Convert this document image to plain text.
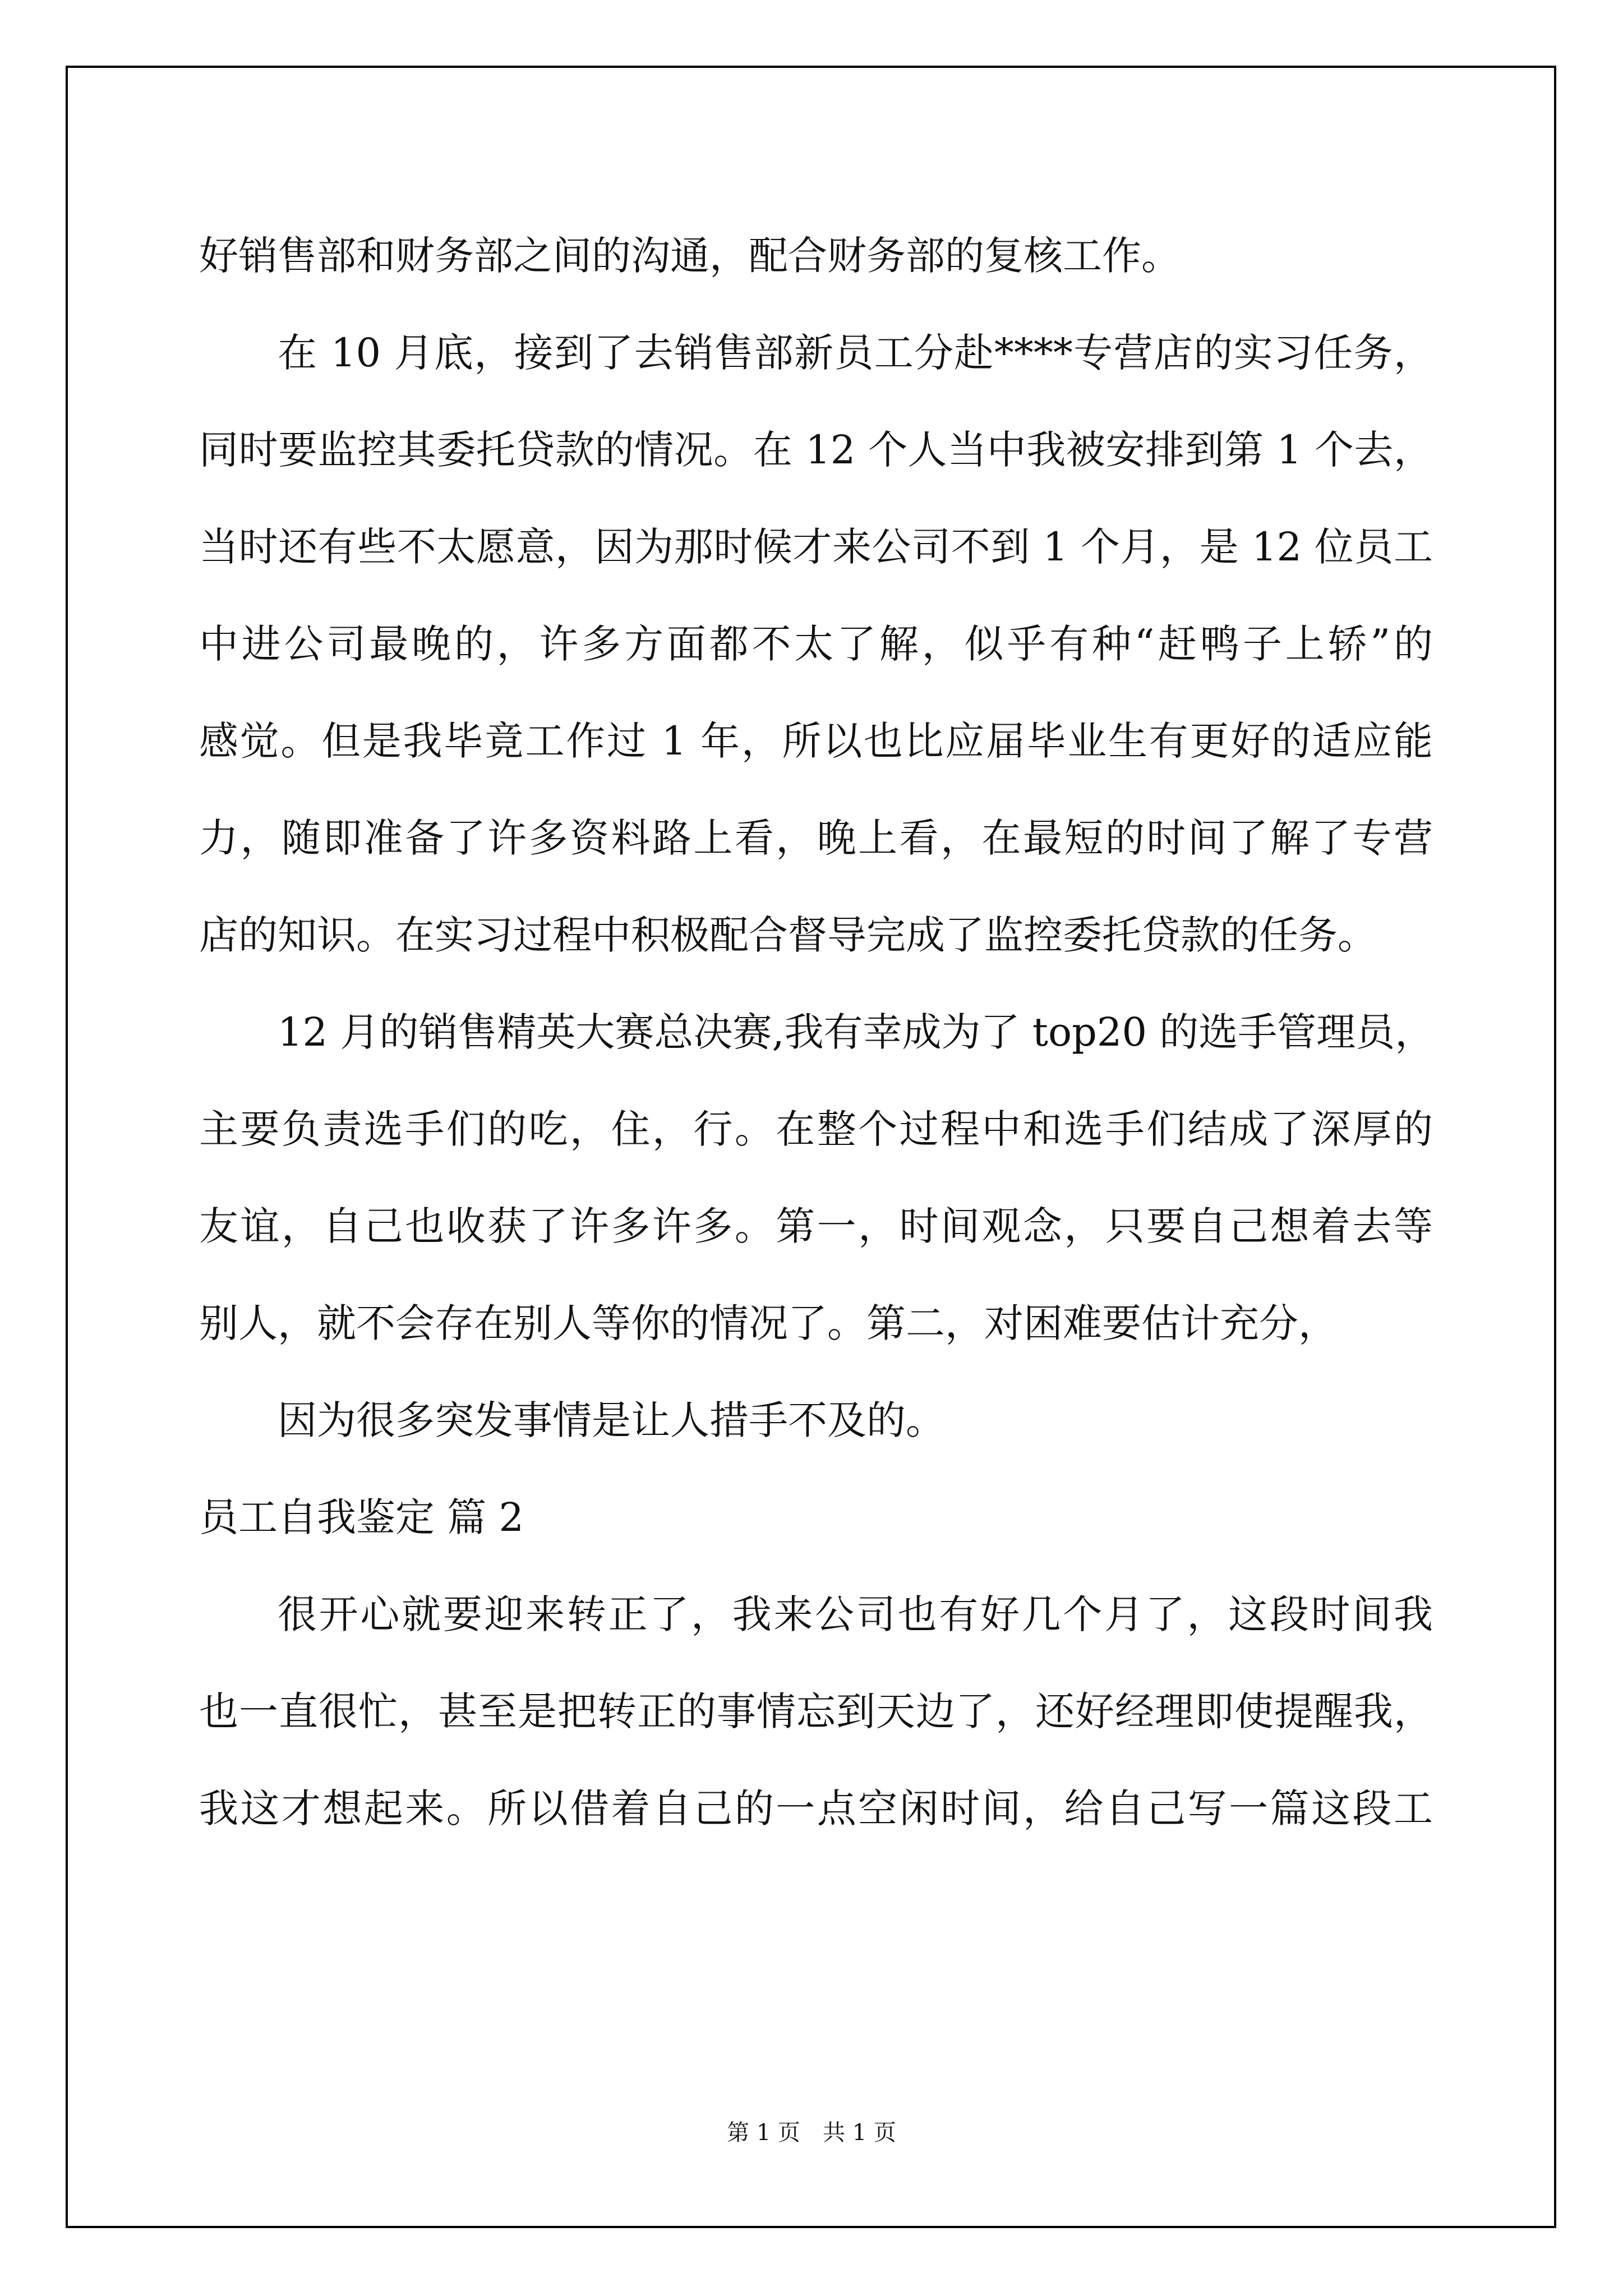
好销售部和财务部之间的沟通，配合财务部的复核工作。
在 10 月底，接到了去销售部新员工分赴****专营店的实习任务，
同时要监控其委托贷款的情况。在 12 个人当中我被安排到第 1 个去，
当时还有些不太愿意，因为那时候才来公司不到 1 个月，是 12 位员工
中进公司最晚的，许多方面都不太了解，似乎有种“赶鸭子上轿”的
感觉。但是我毕竟工作过 1 年，所以也比应届毕业生有更好的适应能
力，随即准备了许多资料路上看，晚上看，在最短的时间了解了专营
店的知识。在实习过程中积极配合督导完成了监控委托贷款的任务。
12 月的销售精英大赛总决赛,我有幸成为了 top20 的选手管理员，
主要负责选手们的吃，住，行。在整个过程中和选手们结成了深厚的
友谊，自己也收获了许多许多。第一，时间观念，只要自己想着去等
别人，就不会存在别人等你的情况了。第二，对困难要估计充分，
因为很多突发事情是让人措手不及的。
员工自我鉴定 篇 2
很开心就要迎来转正了，我来公司也有好几个月了，这段时间我
也一直很忙，甚至是把转正的事情忘到天边了，还好经理即使提醒我，
我这才想起来。所以借着自己的一点空闲时间，给自己写一篇这段工
第 1 页　共 1 页
